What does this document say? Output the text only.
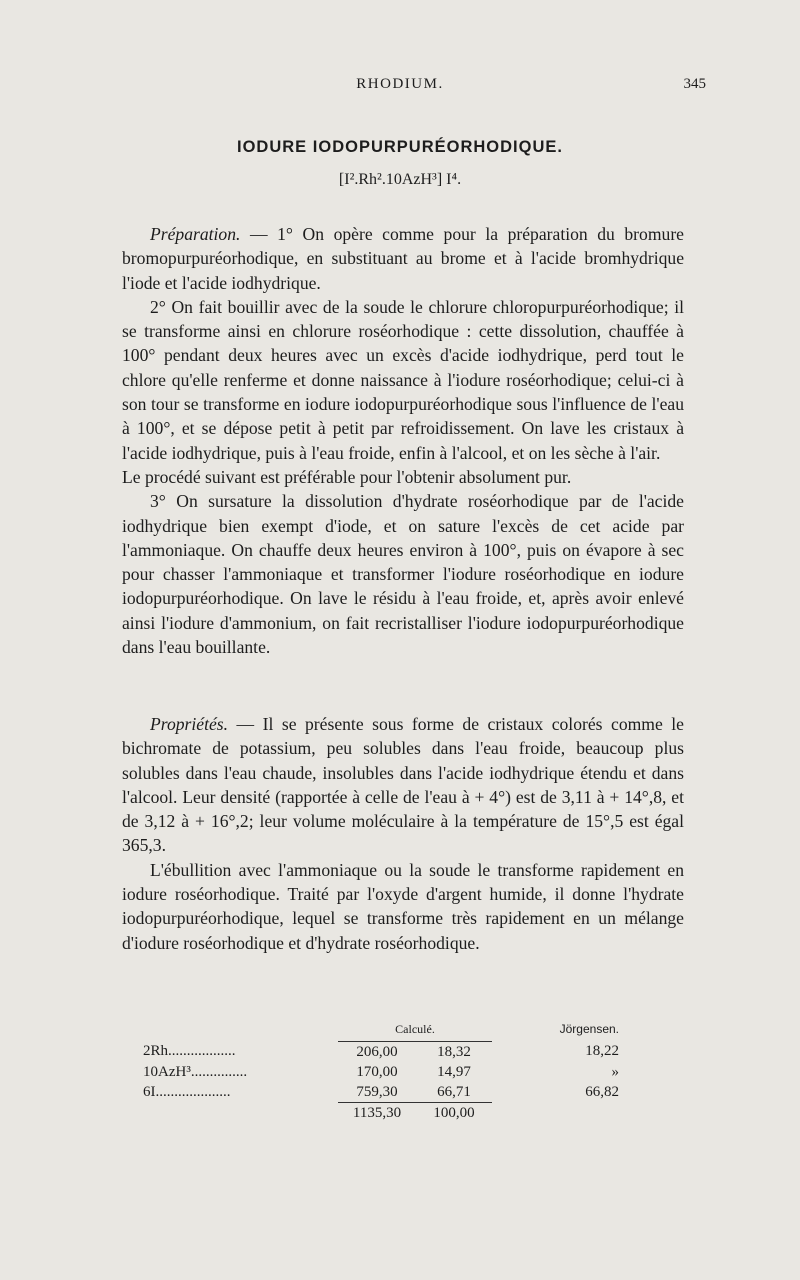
RHODIUM.	345
IODURE IODOPURPURÉORHODIQUE.
[I².Rh².10AzH³] I⁴.

Préparation. — 1° On opère comme pour la préparation du bromure bromopurpuréorhodique, en substituant au brome et à l'acide bromhydrique l'iode et l'acide iodhydrique.

2° On fait bouillir avec de la soude le chlorure chloropurpuréorhodique; il se transforme ainsi en chlorure roséorhodique : cette dissolution, chauffée à 100° pendant deux heures avec un excès d'acide iodhydrique, perd tout le chlore qu'elle renferme et donne naissance à l'iodure roséorhodique; celui-ci à son tour se transforme en iodure iodopurpuréorhodique sous l'influence de l'eau à 100°, et se dépose petit à petit par refroidissement. On lave les cristaux à l'acide iodhydrique, puis à l'eau froide, enfin à l'alcool, et on les sèche à l'air.

Le procédé suivant est préférable pour l'obtenir absolument pur.

3° On sursature la dissolution d'hydrate roséorhodique par de l'acide iodhydrique bien exempt d'iode, et on sature l'excès de cet acide par l'ammoniaque. On chauffe deux heures environ à 100°, puis on évapore à sec pour chasser l'ammoniaque et transformer l'iodure roséorhodique en iodure iodopurpuréorhodique. On lave le résidu à l'eau froide, et, après avoir enlevé ainsi l'iodure d'ammonium, on fait recristalliser l'iodure iodopurpuréorhodique dans l'eau bouillante.

Propriétés. — Il se présente sous forme de cristaux colorés comme le bichromate de potassium, peu solubles dans l'eau froide, beaucoup plus solubles dans l'eau chaude, insolubles dans l'acide iodhydrique étendu et dans l'alcool. Leur densité (rapportée à celle de l'eau à + 4°) est de 3,11 à + 14°,8, et de 3,12 à + 16°,2; leur volume moléculaire à la température de 15°,5 est égal 365,3.

L'ébullition avec l'ammoniaque ou la soude le transforme rapidement en iodure roséorhodique. Traité par l'oxyde d'argent humide, il donne l'hydrate iodopurpuréorhodique, lequel se transforme très rapidement en un mélange d'iodure roséorhodique et d'hydrate roséorhodique.

	Calculé.		Jörgensen.
2Rh..................	206,00	18,32	18,22
10AzH³...............	170,00	14,97	»
6I....................	759,30	66,71	66,82
	1135,30	100,00	
